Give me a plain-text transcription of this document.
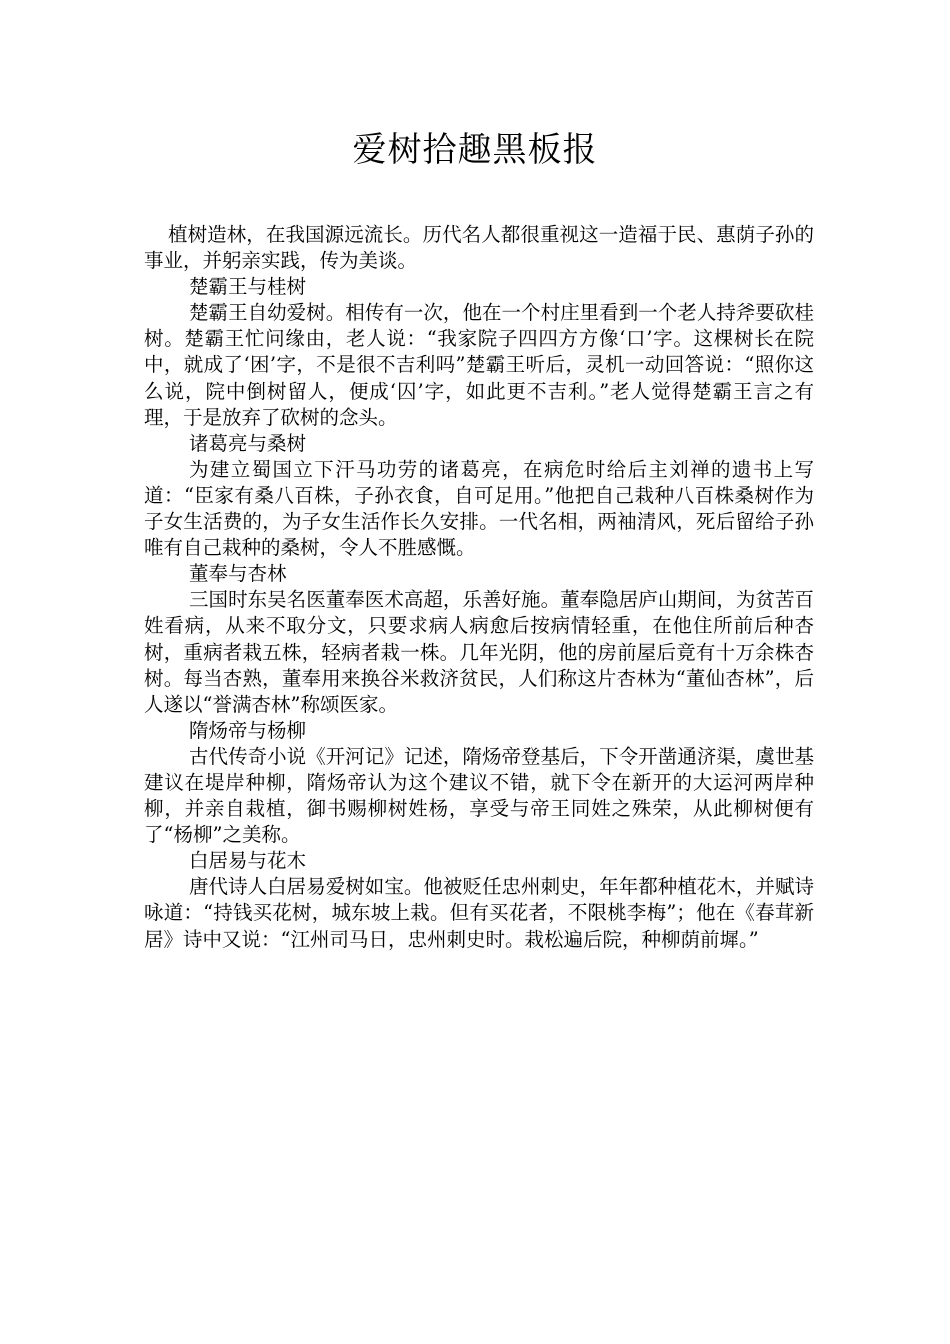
爱树拾趣黑板报

植树造林，在我国源远流长。历代名人都很重视这一造福于民、惠荫子孙的事业，并躬亲实践，传为美谈。

楚霸王与桂树

楚霸王自幼爱树。相传有一次，他在一个村庄里看到一个老人持斧要砍桂树。楚霸王忙问缘由，老人说：“我家院子四四方方像‘口’字。这棵树长在院中，就成了‘困’字，不是很不吉利吗”楚霸王听后，灵机一动回答说：“照你这么说，院中倒树留人，便成‘囚’字，如此更不吉利。”老人觉得楚霸王言之有理，于是放弃了砍树的念头。

诸葛亮与桑树

为建立蜀国立下汗马功劳的诸葛亮，在病危时给后主刘禅的遗书上写道：“臣家有桑八百株，子孙衣食，自可足用。”他把自己栽种八百株桑树作为子女生活费的，为子女生活作长久安排。一代名相，两袖清风，死后留给子孙唯有自己栽种的桑树，令人不胜感慨。

董奉与杏林

三国时东吴名医董奉医术高超，乐善好施。董奉隐居庐山期间，为贫苦百姓看病，从来不取分文，只要求病人病愈后按病情轻重，在他住所前后种杏树，重病者栽五株，轻病者栽一株。几年光阴，他的房前屋后竟有十万余株杏树。每当杏熟，董奉用来换谷米救济贫民，人们称这片杏林为“董仙杏林”，后人遂以“誉满杏林”称颂医家。

隋炀帝与杨柳

古代传奇小说《开河记》记述，隋炀帝登基后，下令开凿通济渠，虞世基建议在堤岸种柳，隋炀帝认为这个建议不错，就下令在新开的大运河两岸种柳，并亲自栽植，御书赐柳树姓杨，享受与帝王同姓之殊荣，从此柳树便有了“杨柳”之美称。

白居易与花木

唐代诗人白居易爱树如宝。他被贬任忠州刺史，年年都种植花木，并赋诗咏道：“持钱买花树，城东坡上栽。但有买花者，不限桃李梅”；他在《春茸新居》诗中又说：“江州司马日，忠州刺史时。栽松遍后院，种柳荫前墀。”
